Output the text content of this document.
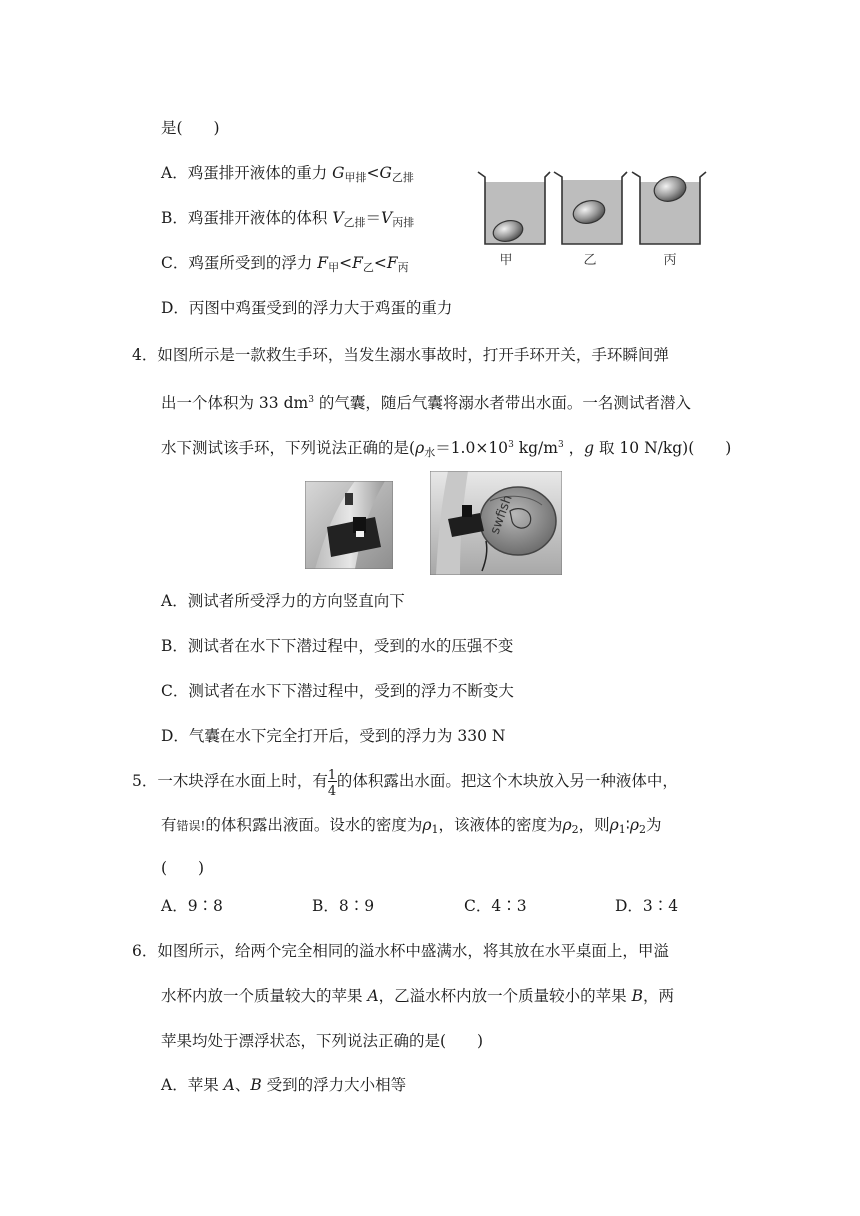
是(　　)
A．鸡蛋排开液体的重力 $G_{甲排}<G_{乙排}$
B．鸡蛋排开液体的体积 $V_{乙排}=V_{丙排}$
C．鸡蛋所受到的浮力 $F_甲<F_乙<F_丙$
D．丙图中鸡蛋受到的浮力大于鸡蛋的重力
甲	乙	丙
4．如图所示是一款救生手环，当发生溺水事故时，打开手环开关，手环瞬间弹
出一个体积为 33 $dm^3$ 的气囊，随后气囊将溺水者带出水面。一名测试者潜入
水下测试该手环，下列说法正确的是($\rho_水=1.0\times 10^3$ $kg/m^3$ ，g 取 10 N/kg)(　　)
swfish
A．测试者所受浮力的方向竖直向下
B．测试者在水下下潜过程中，受到的水的压强不变
C．测试者在水下下潜过程中，受到的浮力不断变大
D．气囊在水下完全打开后，受到的浮力为 330 N
5．一木块浮在水面上时，有 $\frac{1}{4}$ 的体积露出水面。把这个木块放入另一种液体中，
有错误!的体积露出液面。设水的密度为$\rho_1$，该液体的密度为$\rho_2$，则$\rho_1∶\rho_2$为
(　　)
A．9∶8	B．8∶9	C．4∶3	D．3∶4
6．如图所示，给两个完全相同的溢水杯中盛满水，将其放在水平桌面上，甲溢
水杯内放一个质量较大的苹果 A，乙溢水杯内放一个质量较小的苹果 B，两
苹果均处于漂浮状态，下列说法正确的是(　　)
A．苹果 A、B 受到的浮力大小相等
